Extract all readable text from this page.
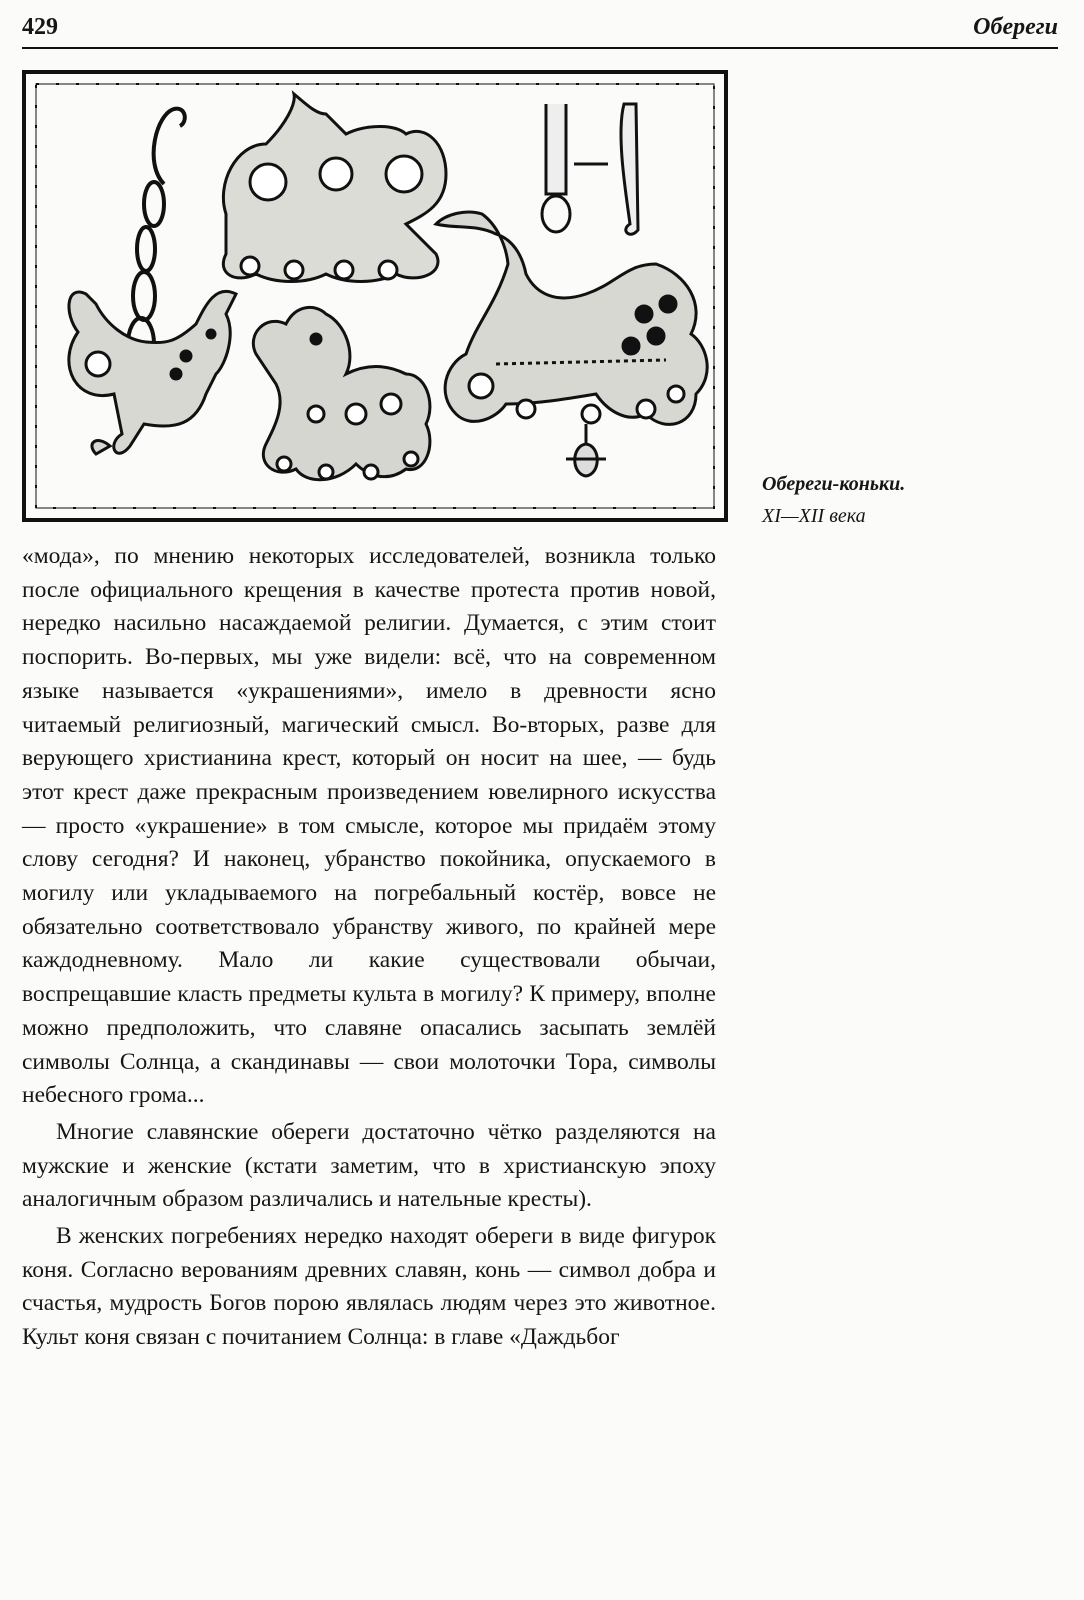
429	Обереги
Обереги-коньки.
XI—XII века

«мода», по мнению некоторых исследователей, возникла только после официального крещения в качестве протеста против новой, нередко насильно насаждаемой религии. Думается, с этим стоит поспорить. Во-первых, мы уже видели: всё, что на современном языке называется «украшениями», имело в древности ясно читаемый религиозный, магический смысл. Во-вторых, разве для верующего христианина крест, который он носит на шее, — будь этот крест даже прекрасным произведением ювелирного искусства — просто «украшение» в том смысле, которое мы придаём этому слову сегодня? И наконец, убранство покойника, опускаемого в могилу или укладываемого на погребальный костёр, вовсе не обязательно соответствовало убранству живого, по крайней мере каждодневному. Мало ли какие существовали обычаи, воспрещавшие класть предметы культа в могилу? К примеру, вполне можно предположить, что славяне опасались засыпать землёй символы Солнца, а скандинавы — свои молоточки Тора, символы небесного грома...

Многие славянские обереги достаточно чётко разделяются на мужские и женские (кстати заметим, что в христианскую эпоху аналогичным образом различались и нательные кресты).

В женских погребениях нередко находят обереги в виде фигурок коня. Согласно верованиям древних славян, конь — символ добра и счастья, мудрость Богов порою являлась людям через это животное. Культ коня связан с почитанием Солнца: в главе «Даждьбог
